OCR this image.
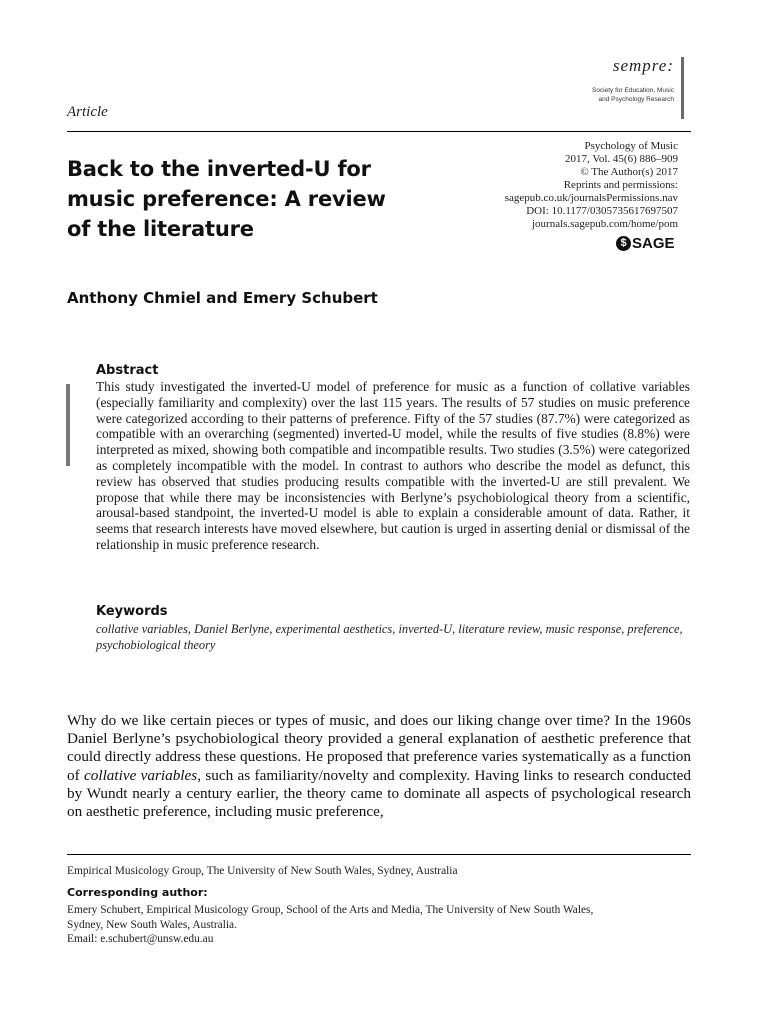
sempre:
Society for Education, Music
and Psychology Research
Article
Back to the inverted-U for music preference: A review of the literature
Psychology of Music
2017, Vol. 45(6) 886–909
© The Author(s) 2017
Reprints and permissions:
sagepub.co.uk/journalsPermissions.nav
DOI: 10.1177/0305735617697507
journals.sagepub.com/home/pom
$ SAGE
Anthony Chmiel and Emery Schubert
Abstract
This study investigated the inverted-U model of preference for music as a function of collative variables (especially familiarity and complexity) over the last 115 years. The results of 57 studies on music preference were categorized according to their patterns of preference. Fifty of the 57 studies (87.7%) were categorized as compatible with an overarching (segmented) inverted-U model, while the results of five studies (8.8%) were interpreted as mixed, showing both compatible and incompatible results. Two studies (3.5%) were categorized as completely incompatible with the model. In contrast to authors who describe the model as defunct, this review has observed that studies producing results compatible with the inverted-U are still prevalent. We propose that while there may be inconsistencies with Berlyne’s psychobiological theory from a scientific, arousal-based standpoint, the inverted-U model is able to explain a considerable amount of data. Rather, it seems that research interests have moved elsewhere, but caution is urged in asserting denial or dismissal of the relationship in music preference research.
Keywords
collative variables, Daniel Berlyne, experimental aesthetics, inverted-U, literature review, music response, preference, psychobiological theory
Why do we like certain pieces or types of music, and does our liking change over time? In the 1960s Daniel Berlyne’s psychobiological theory provided a general explanation of aesthetic preference that could directly address these questions. He proposed that preference varies systematically as a function of collative variables, such as familiarity/novelty and complexity. Having links to research conducted by Wundt nearly a century earlier, the theory came to dominate all aspects of psychological research on aesthetic preference, including music preference,
Empirical Musicology Group, The University of New South Wales, Sydney, Australia
Corresponding author:
Emery Schubert, Empirical Musicology Group, School of the Arts and Media, The University of New South Wales,
Sydney, New South Wales, Australia.
Email: e.schubert@unsw.edu.au
